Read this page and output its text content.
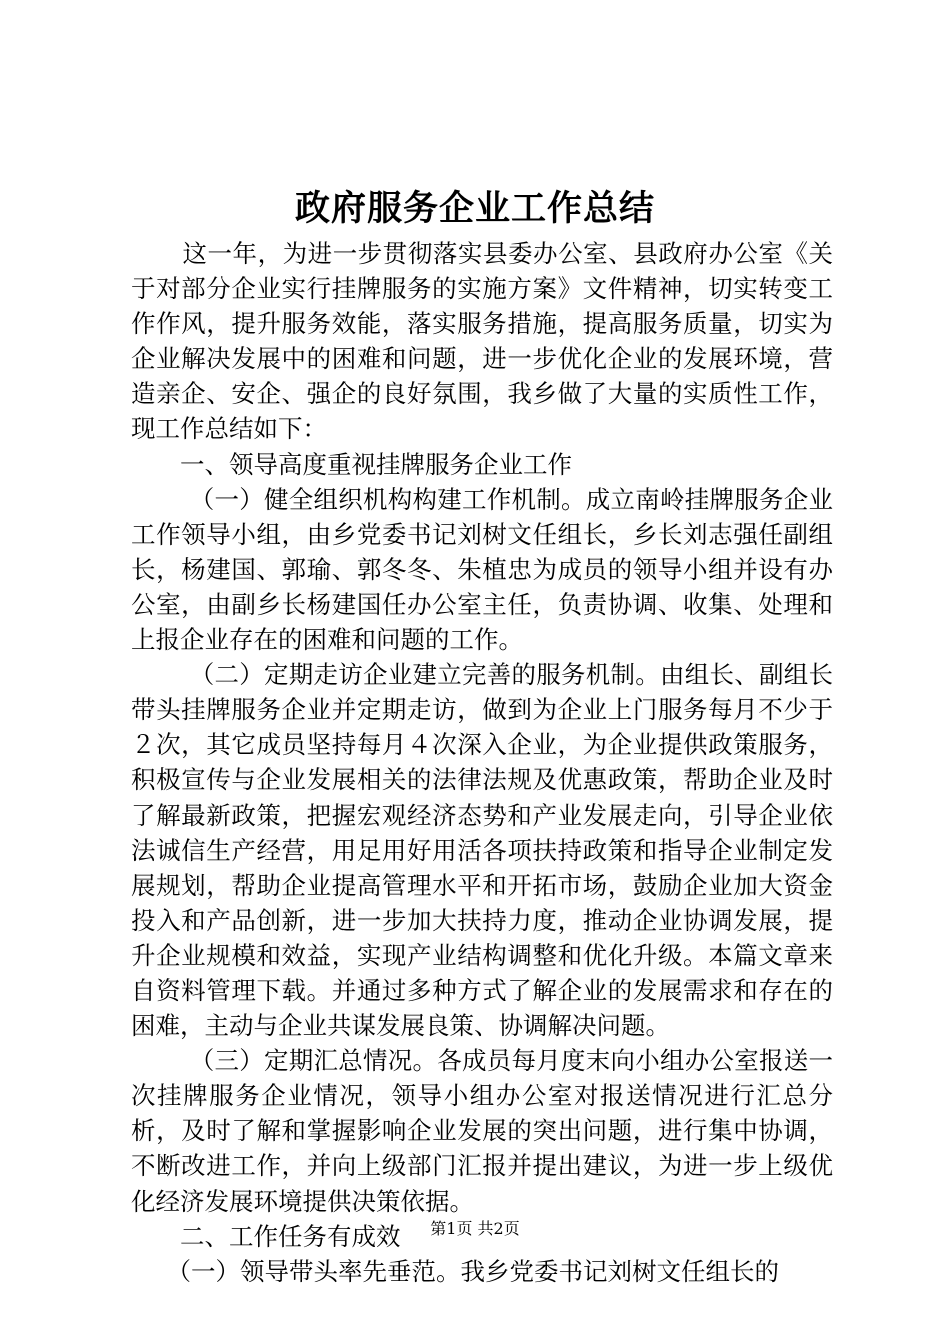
政府服务企业工作总结

这一年，为进一步贯彻落实县委办公室、县政府办公室《关于对部分企业实行挂牌服务的实施方案》文件精神，切实转变工作作风，提升服务效能，落实服务措施，提高服务质量，切实为企业解决发展中的困难和问题，进一步优化企业的发展环境，营造亲企、安企、强企的良好氛围，我乡做了大量的实质性工作，现工作总结如下：

一、领导高度重视挂牌服务企业工作

（一）健全组织机构构建工作机制。成立南岭挂牌服务企业工作领导小组，由乡党委书记刘树文任组长，乡长刘志强任副组长，杨建国、郭瑜、郭冬冬、朱植忠为成员的领导小组并设有办公室，由副乡长杨建国任办公室主任，负责协调、收集、处理和上报企业存在的困难和问题的工作。

（二）定期走访企业建立完善的服务机制。由组长、副组长带头挂牌服务企业并定期走访，做到为企业上门服务每月不少于２次，其它成员坚持每月４次深入企业，为企业提供政策服务，积极宣传与企业发展相关的法律法规及优惠政策，帮助企业及时了解最新政策，把握宏观经济态势和产业发展走向，引导企业依法诚信生产经营，用足用好用活各项扶持政策和指导企业制定发展规划，帮助企业提高管理水平和开拓市场，鼓励企业加大资金投入和产品创新，进一步加大扶持力度，推动企业协调发展，提升企业规模和效益，实现产业结构调整和优化升级。本篇文章来自资料管理下载。并通过多种方式了解企业的发展需求和存在的困难，主动与企业共谋发展良策、协调解决问题。

（三）定期汇总情况。各成员每月度末向小组办公室报送一次挂牌服务企业情况，领导小组办公室对报送情况进行汇总分析，及时了解和掌握影响企业发展的突出问题，进行集中协调，不断改进工作，并向上级部门汇报并提出建议，为进一步上级优化经济发展环境提供决策依据。

二、工作任务有成效

（一）领导带头率先垂范。我乡党委书记刘树文任组长的

第1页 共2页
